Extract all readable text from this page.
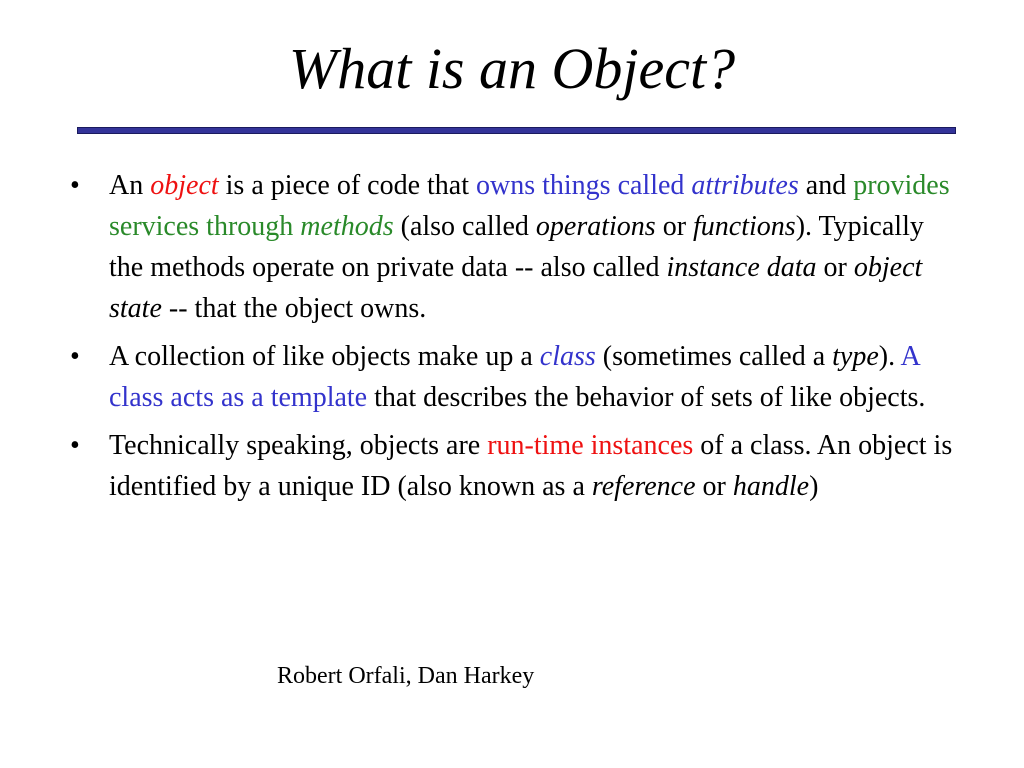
What is an Object?
• An object is a piece of code that owns things called attributes and provides services through methods (also called operations or functions). Typically the methods operate on private data -- also called instance data or object state -- that the object owns.
• A collection of like objects make up a class (sometimes called a type). A class acts as a template that describes the behavior of sets of like objects.
• Technically speaking, objects are run-time instances of a class. An object is identified by a unique ID (also known as a reference or handle)
Robert Orfali, Dan Harkey
